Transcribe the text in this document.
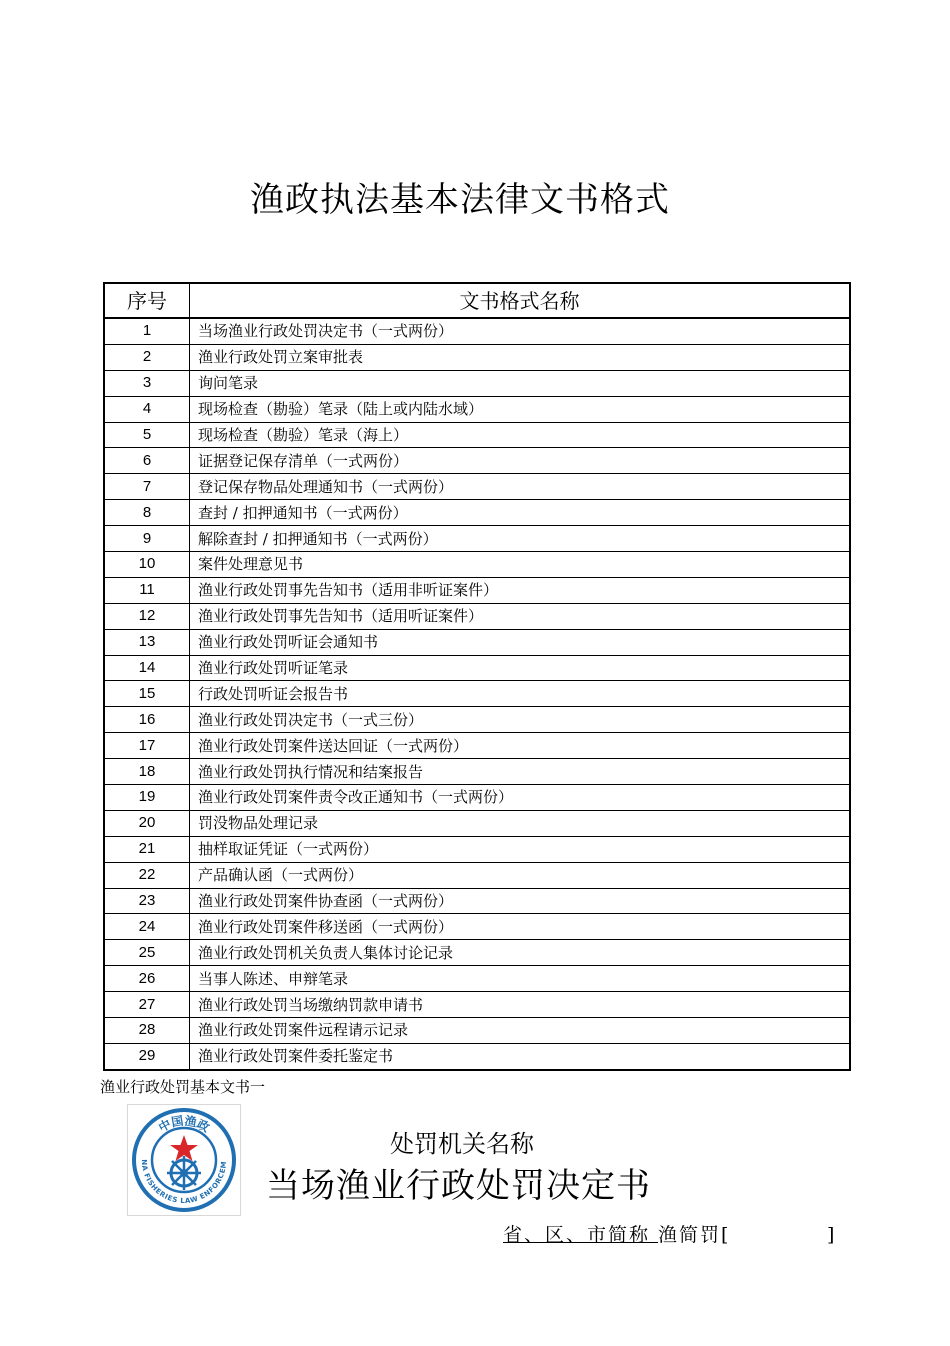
渔政执法基本法律文书格式
序号	文书格式名称
1	当场渔业行政处罚决定书（一式两份）
2	渔业行政处罚立案审批表
3	询问笔录
4	现场检查（勘验）笔录（陆上或内陆水域）
5	现场检查（勘验）笔录（海上）
6	证据登记保存清单（一式两份）
7	登记保存物品处理通知书（一式两份）
8	查封 / 扣押通知书（一式两份）
9	解除查封 / 扣押通知书（一式两份）
10	案件处理意见书
11	渔业行政处罚事先告知书（适用非听证案件）
12	渔业行政处罚事先告知书（适用听证案件）
13	渔业行政处罚听证会通知书
14	渔业行政处罚听证笔录
15	行政处罚听证会报告书
16	渔业行政处罚决定书（一式三份）
17	渔业行政处罚案件送达回证（一式两份）
18	渔业行政处罚执行情况和结案报告
19	渔业行政处罚案件责令改正通知书（一式两份）
20	罚没物品处理记录
21	抽样取证凭证（一式两份）
22	产品确认函（一式两份）
23	渔业行政处罚案件协查函（一式两份）
24	渔业行政处罚案件移送函（一式两份）
25	渔业行政处罚机关负责人集体讨论记录
26	当事人陈述、申辩笔录
27	渔业行政处罚当场缴纳罚款申请书
28	渔业行政处罚案件远程请示记录
29	渔业行政处罚案件委托鉴定书
渔业行政处罚基本文书一
中国渔政
NA FISHERIES LAW ENFORCEM
处罚机关名称
当场渔业行政处罚决定书
省、区、市简称 渔简罚[	]
